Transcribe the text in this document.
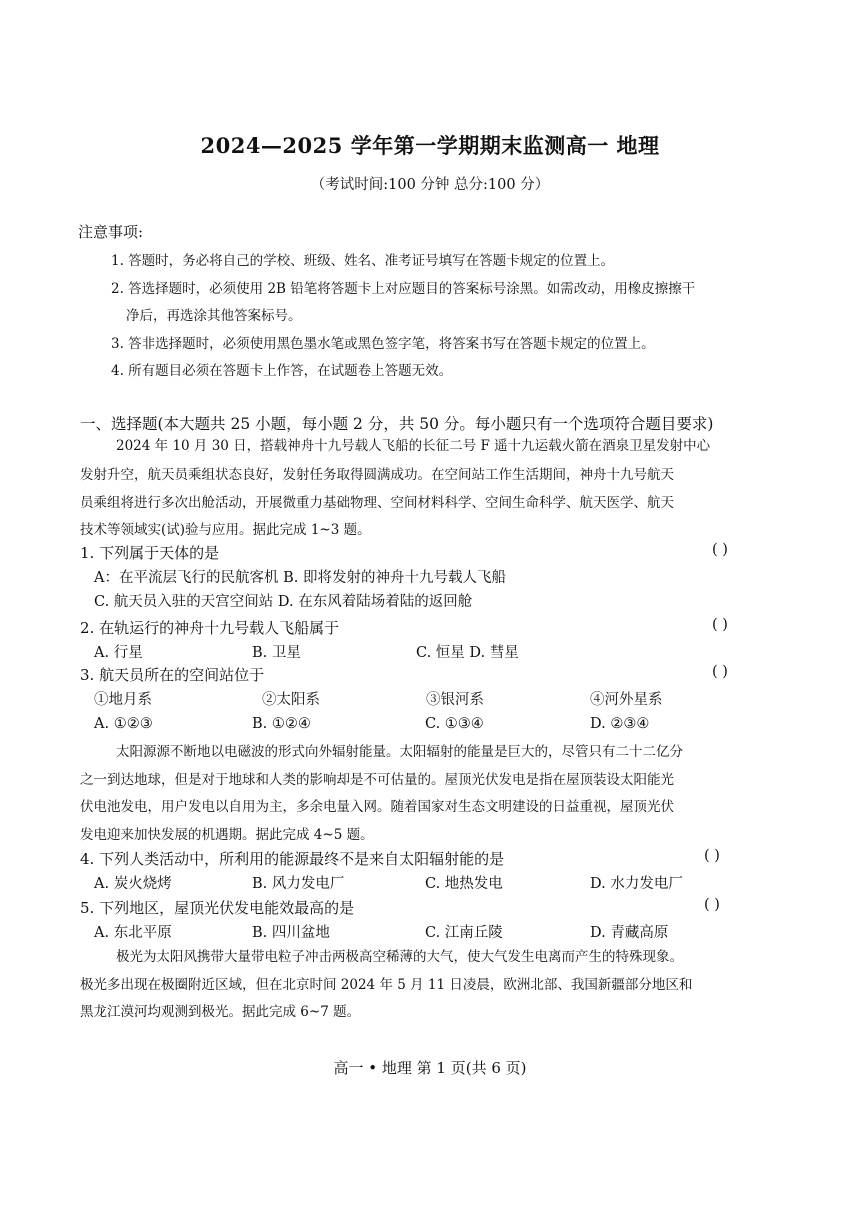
2024—2025 学年第一学期期末监测高一 地理
（考试时间:100 分钟 总分:100 分）
注意事项:
1. 答题时，务必将自己的学校、班级、姓名、准考证号填写在答题卡规定的位置上。
2. 答选择题时，必须使用 2B 铅笔将答题卡上对应题目的答案标号涂黑。如需改动，用橡皮擦擦干
净后，再选涂其他答案标号。
3. 答非选择题时，必须使用黑色墨水笔或黑色签字笔，将答案书写在答题卡规定的位置上。
4. 所有题目必须在答题卡上作答，在试题卷上答题无效。
一、选择题(本大题共 25 小题，每小题 2 分，共 50 分。每小题只有一个选项符合题目要求)
2024 年 10 月 30 日，搭载神舟十九号载人飞船的长征二号 F 遥十九运载火箭在酒泉卫星发射中心
发射升空，航天员乘组状态良好，发射任务取得圆满成功。在空间站工作生活期间，神舟十九号航天
员乘组将进行多次出舱活动，开展微重力基础物理、空间材料科学、空间生命科学、航天医学、航天
技术等领域实(试)验与应用。据此完成 1~3 题。
1. 下列属于天体的是	( )
A：在平流层飞行的民航客机 B. 即将发射的神舟十九号载人飞船
C. 航天员入驻的天宫空间站 D. 在东风着陆场着陆的返回舱
2. 在轨运行的神舟十九号载人飞船属于	( )
A. 行星	B. 卫星	C. 恒星 D. 彗星
3. 航天员所在的空间站位于	( )
①地月系	②太阳系	③银河系	④河外星系
A. ①②③	B. ①②④	C. ①③④	D. ②③④
太阳源源不断地以电磁波的形式向外辐射能量。太阳辐射的能量是巨大的，尽管只有二十二亿分
之一到达地球，但是对于地球和人类的影响却是不可估量的。屋顶光伏发电是指在屋顶装设太阳能光
伏电池发电，用户发电以自用为主，多余电量入网。随着国家对生态文明建设的日益重视，屋顶光伏
发电迎来加快发展的机遇期。据此完成 4~5 题。
4. 下列人类活动中，所利用的能源最终不是来自太阳辐射能的是	( )
A. 炭火烧烤	B. 风力发电厂	C. 地热发电	D. 水力发电厂
5. 下列地区，屋顶光伏发电能效最高的是	( )
A. 东北平原	B. 四川盆地	C. 江南丘陵	D. 青藏高原
极光为太阳风携带大量带电粒子冲击两极高空稀薄的大气，使大气发生电离而产生的特殊现象。
极光多出现在极圈附近区域，但在北京时间 2024 年 5 月 11 日凌晨，欧洲北部、我国新疆部分地区和
黑龙江漠河均观测到极光。据此完成 6~7 题。
高一 • 地理 第 1 页(共 6 页)
